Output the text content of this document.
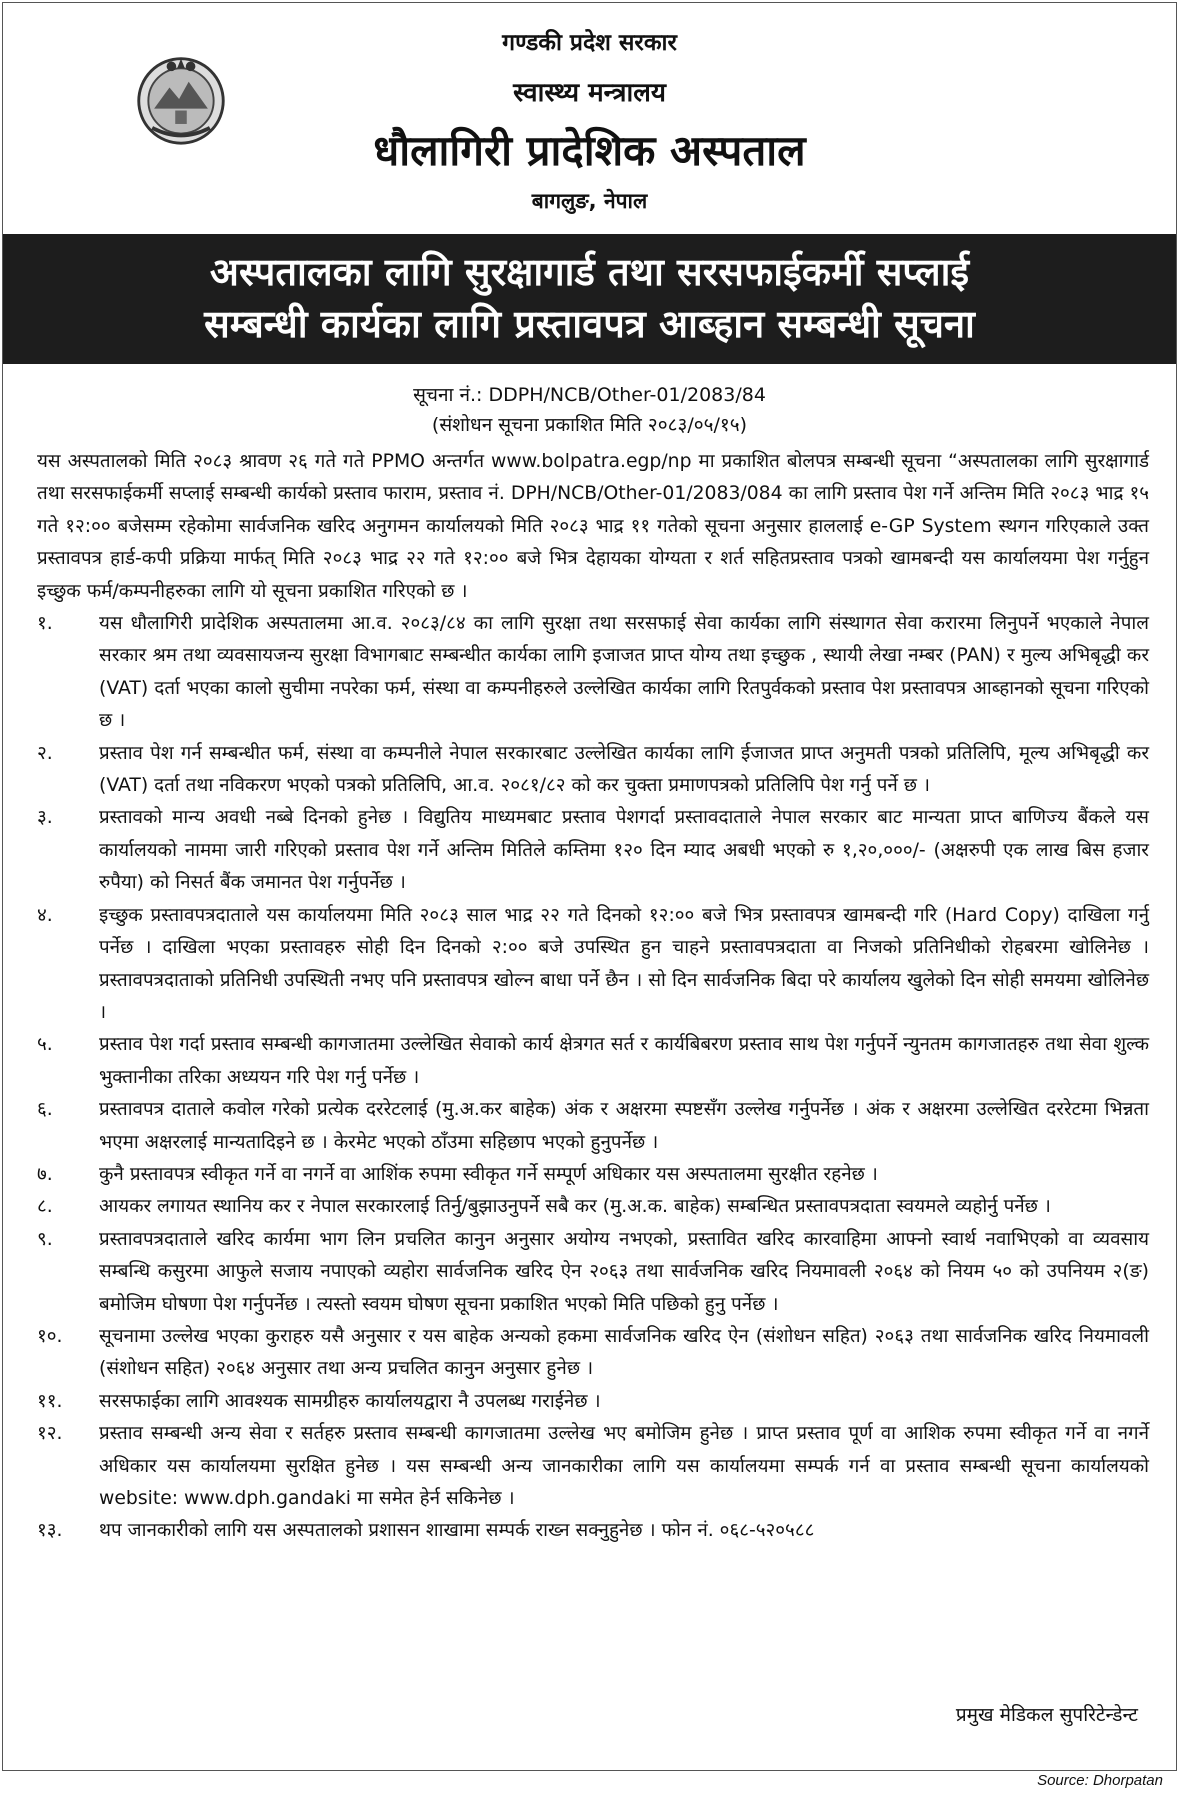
गण्डकी प्रदेश सरकार
स्वास्थ्य मन्त्रालय
धौलागिरी प्रादेशिक अस्पताल
बागलुङ, नेपाल
अस्पतालका लागि सुरक्षागार्ड तथा सरसफाईकर्मी सप्लाई
सम्बन्धी कार्यका लागि प्रस्तावपत्र आब्हान सम्बन्धी सूचना
सूचना नं.: DDPH/NCB/Other-01/2083/84
(संशोधन सूचना प्रकाशित मिति २०८३/०५/१५)

यस अस्पतालको मिति २०८३ श्रावण २६ गते गते PPMO अन्तर्गत www.bolpatra.egp/np मा प्रकाशित बोलपत्र सम्बन्धी सूचना “अस्पतालका लागि सुरक्षागार्ड तथा सरसफाईकर्मी सप्लाई सम्बन्धी कार्यको प्रस्ताव फाराम, प्रस्ताव नं. DPH/NCB/Other-01/2083/084 का लागि प्रस्ताव पेश गर्ने अन्तिम मिति २०८३ भाद्र १५ गते १२:०० बजेसम्म रहेकोमा सार्वजनिक खरिद अनुगमन कार्यालयको मिति २०८३ भाद्र ११ गतेको सूचना अनुसार हाललाई e-GP System स्थगन गरिएकाले उक्त प्रस्तावपत्र हार्ड-कपी प्रक्रिया मार्फत् मिति २०८३ भाद्र २२ गते १२:०० बजे भित्र देहायका योग्यता र शर्त सहितप्रस्ताव पत्रको खामबन्दी यस कार्यालयमा पेश गर्नुहुन इच्छुक फर्म/कम्पनीहरुका लागि यो सूचना प्रकाशित गरिएको छ ।

१.	यस धौलागिरी प्रादेशिक अस्पतालमा आ.व. २०८३/८४ का लागि सुरक्षा तथा सरसफाई सेवा कार्यका लागि संस्थागत सेवा करारमा लिनुपर्ने भएकाले नेपाल सरकार श्रम तथा व्यवसायजन्य सुरक्षा विभागबाट सम्बन्धीत कार्यका लागि इजाजत प्राप्त योग्य तथा इच्छुक , स्थायी लेखा नम्बर (PAN) र मुल्य अभिबृद्धी कर (VAT) दर्ता भएका कालो सुचीमा नपरेका फर्म, संस्था वा कम्पनीहरुले उल्लेखित कार्यका लागि रितपुर्वकको प्रस्ताव पेश प्रस्तावपत्र आब्हानको सूचना गरिएको छ ।
२.	प्रस्ताव पेश गर्न सम्बन्धीत फर्म, संस्था वा कम्पनीले नेपाल सरकारबाट उल्लेखित कार्यका लागि ईजाजत प्राप्त अनुमती पत्रको प्रतिलिपि, मूल्य अभिबृद्धी कर (VAT) दर्ता तथा नविकरण भएको पत्रको प्रतिलिपि, आ.व. २०८१/८२ को कर चुक्ता प्रमाणपत्रको प्रतिलिपि पेश गर्नु पर्ने छ ।
३.	प्रस्तावको मान्य अवधी नब्बे दिनको हुनेछ । विद्युतिय माध्यमबाट प्रस्ताव पेशगर्दा प्रस्तावदाताले नेपाल सरकार बाट मान्यता प्राप्त बाणिज्य बैंकले यस कार्यालयको नाममा जारी गरिएको प्रस्ताव पेश गर्ने अन्तिम मितिले कम्तिमा १२० दिन म्याद अबधी भएको रु १,२०,०००/- (अक्षरुपी एक लाख बिस हजार रुपैया) को निसर्त बैंक जमानत पेश गर्नुपर्नेछ ।
४.	इच्छुक प्रस्तावपत्रदाताले यस कार्यालयमा मिति २०८३ साल भाद्र २२ गते दिनको १२:०० बजे भित्र प्रस्तावपत्र खामबन्दी गरि (Hard Copy) दाखिला गर्नु पर्नेछ । दाखिला भएका प्रस्तावहरु सोही दिन दिनको २:०० बजे उपस्थित हुन चाहने प्रस्तावपत्रदाता वा निजको प्रतिनिधीको रोहबरमा खोलिनेछ । प्रस्तावपत्रदाताको प्रतिनिधी उपस्थिती नभए पनि प्रस्तावपत्र खोल्न बाधा पर्ने छैन । सो दिन सार्वजनिक बिदा परे कार्यालय खुलेको दिन सोही समयमा खोलिनेछ ।
५.	प्रस्ताव पेश गर्दा प्रस्ताव सम्बन्धी कागजातमा उल्लेखित सेवाको कार्य क्षेत्रगत सर्त र कार्यबिबरण प्रस्ताव साथ पेश गर्नुपर्ने न्युनतम कागजातहरु तथा सेवा शुल्क भुक्तानीका तरिका अध्ययन गरि पेश गर्नु पर्नेछ ।
६.	प्रस्तावपत्र दाताले कवोल गरेको प्रत्येक दररेटलाई (मु.अ.कर बाहेक) अंक र अक्षरमा स्पष्टसँग उल्लेख गर्नुपर्नेछ । अंक र अक्षरमा उल्लेखित दररेटमा भिन्नता भएमा अक्षरलाई मान्यतादिइने छ । केरमेट भएको ठाँउमा सहिछाप भएको हुनुपर्नेछ ।
७.	कुनै प्रस्तावपत्र स्वीकृत गर्ने वा नगर्ने वा आशिंक रुपमा स्वीकृत गर्ने सम्पूर्ण अधिकार यस अस्पतालमा सुरक्षीत रहनेछ ।
८.	आयकर लगायत स्थानिय कर र नेपाल सरकारलाई तिर्नु/बुझाउनुपर्ने सबै कर (मु.अ.क. बाहेक) सम्बन्धित प्रस्तावपत्रदाता स्वयमले व्यहोर्नु पर्नेछ ।
९.	प्रस्तावपत्रदाताले खरिद कार्यमा भाग लिन प्रचलित कानुन अनुसार अयोग्य नभएको, प्रस्तावित खरिद कारवाहिमा आफ्नो स्वार्थ नवाभिएको वा व्यवसाय सम्बन्धि कसुरमा आफुले सजाय नपाएको व्यहोरा सार्वजनिक खरिद ऐन २०६३ तथा सार्वजनिक खरिद नियमावली २०६४ को नियम ५० को उपनियम २(ङ) बमोजिम घोषणा पेश गर्नुपर्नेछ । त्यस्तो स्वयम घोषण सूचना प्रकाशित भएको मिति पछिको हुनु पर्नेछ ।
१०.	सूचनामा उल्लेख भएका कुराहरु यसै अनुसार र यस बाहेक अन्यको हकमा सार्वजनिक खरिद ऐन (संशोधन सहित) २०६३ तथा सार्वजनिक खरिद नियमावली (संशोधन सहित) २०६४ अनुसार तथा अन्य प्रचलित कानुन अनुसार हुनेछ ।
११.	सरसफाईका लागि आवश्यक सामग्रीहरु कार्यालयद्वारा नै उपलब्ध गराईनेछ ।
१२.	प्रस्ताव सम्बन्धी अन्य सेवा र सर्तहरु प्रस्ताव सम्बन्धी कागजातमा उल्लेख भए बमोजिम हुनेछ । प्राप्त प्रस्ताव पूर्ण वा आशिक रुपमा स्वीकृत गर्ने वा नगर्ने अधिकार यस कार्यालयमा सुरक्षित हुनेछ । यस सम्बन्धी अन्य जानकारीका लागि यस कार्यालयमा सम्पर्क गर्न वा प्रस्ताव सम्बन्धी सूचना कार्यालयको website: www.dph.gandaki मा समेत हेर्न सकिनेछ ।
१३.	थप जानकारीको लागि यस अस्पतालको प्रशासन शाखामा सम्पर्क राख्न सक्नुहुनेछ । फोन नं. ०६८-५२०५८८
प्रमुख मेडिकल सुपरिटेन्डेन्ट
Source: Dhorpatan
